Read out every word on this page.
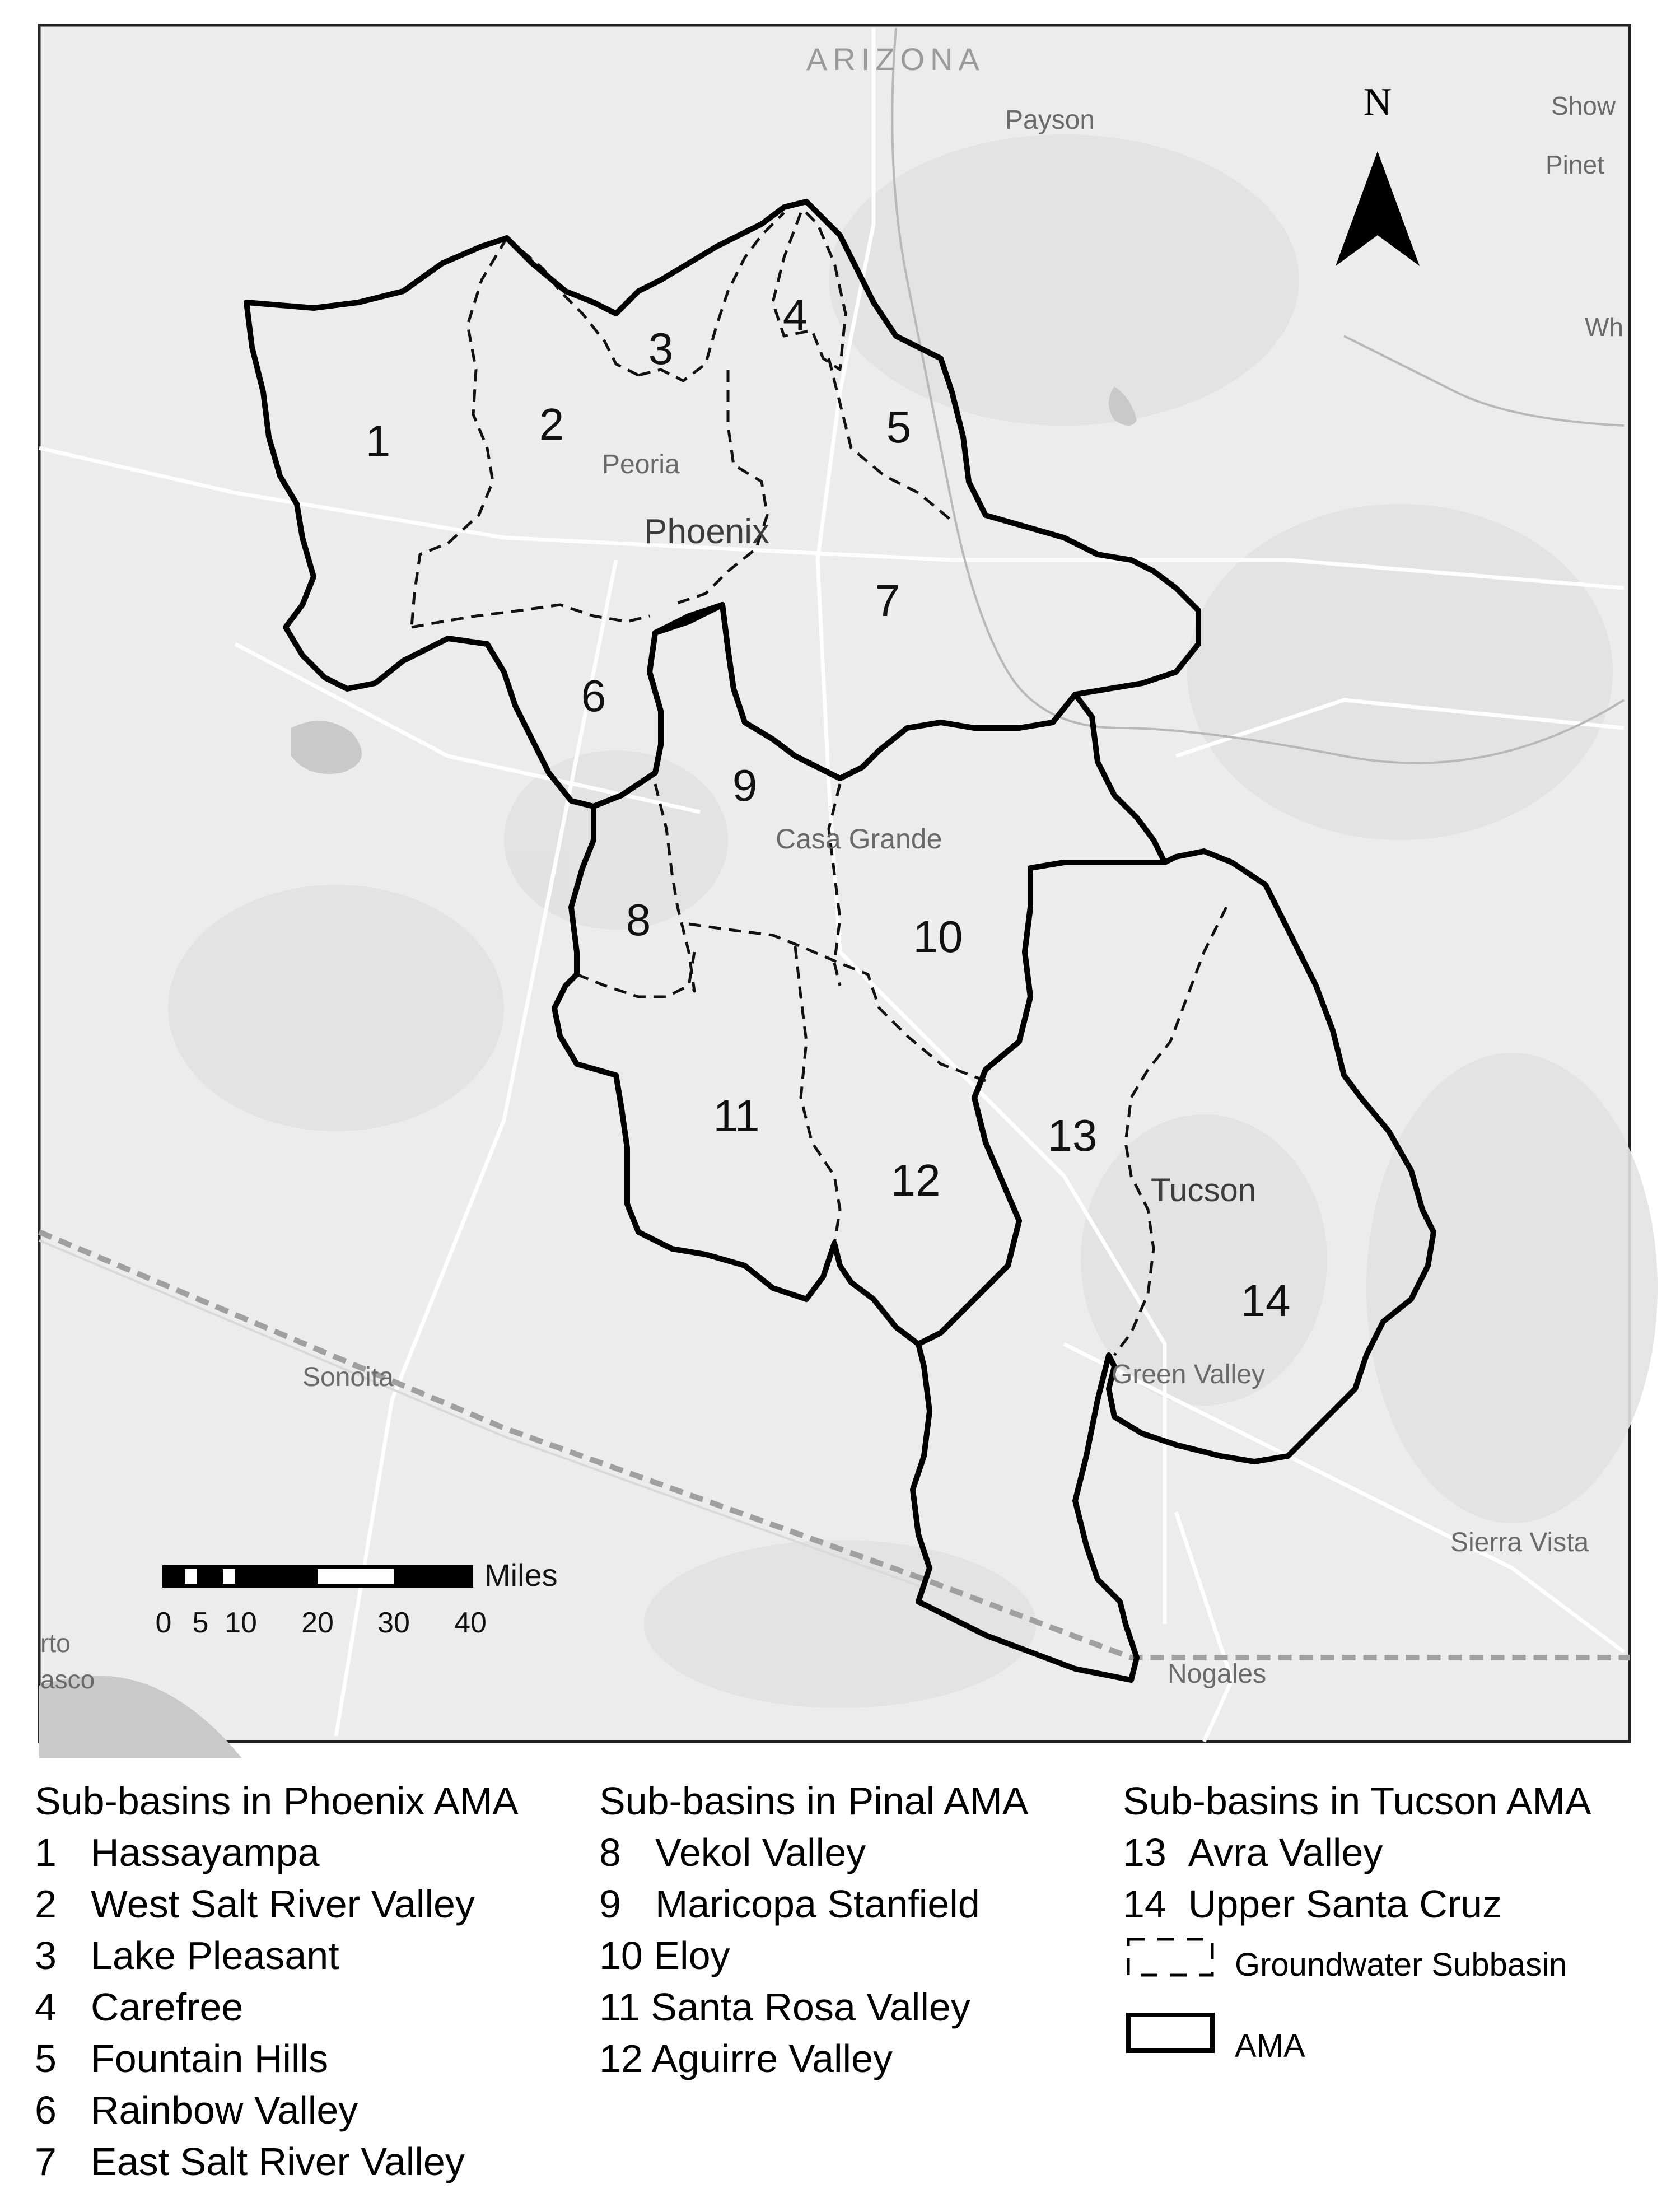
ARIZONA
Payson	Show
Pinet
Wh
Peoria
Phoenix
Casa Grande
Tucson
Green Valley
Sonoita
Sierra Vista
Nogales
rto
asco
1	2
3
4
5
6
7
8
9
10
11
12
13
14
N
Miles
0 5 10 20 30 40
Sub-basins in Phoenix AMA
1 Hassayampa
2 West Salt River Valley
3 Lake Pleasant
4 Carefree
5 Fountain Hills
6 Rainbow Valley
7 East Salt River Valley
Sub-basins in Pinal AMA
8 Vekol Valley
9 Maricopa Stanfield
10 Eloy
11 Santa Rosa Valley
12 Aguirre Valley
Sub-basins in Tucson AMA
13 Avra Valley
14 Upper Santa Cruz
Groundwater Subbasin
AMA
